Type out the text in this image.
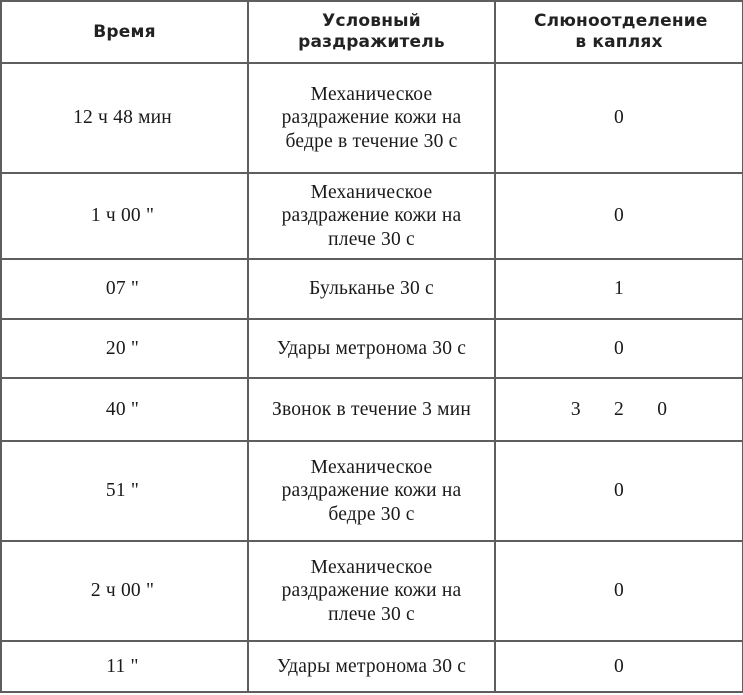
Время	Условный раздражитель	Слюноотделение в каплях
12 ч 48 мин	Механическое раздражение кожи на бедре в течение 30 с	0
1 ч 00 "	Механическое раздражение кожи на плече 30 с	0
07 "	Бульканье 30 с	1
20 "	Удары метронома 30 с	0
40 "	Звонок в течение 3 мин	3   2   0
51 "	Механическое раздражение кожи на бедре 30 с	0
2 ч 00 "	Механическое раздражение кожи на плече 30 с	0
11 "	Удары метронома 30 с	0
